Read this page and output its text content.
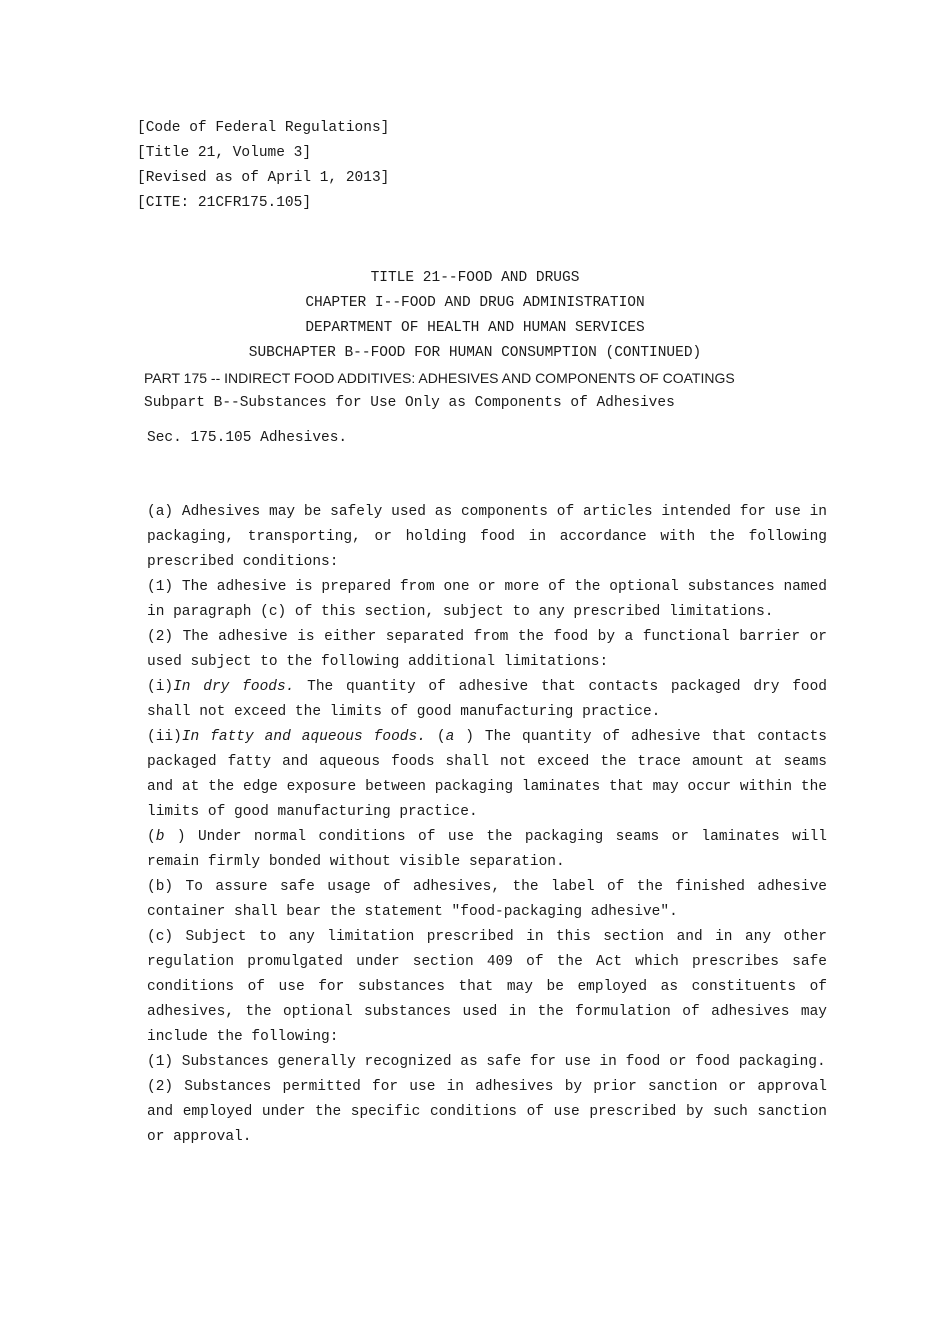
[Code of Federal Regulations]
[Title 21, Volume 3]
[Revised as of April 1, 2013]
[CITE: 21CFR175.105]
TITLE 21--FOOD AND DRUGS
CHAPTER I--FOOD AND DRUG ADMINISTRATION
DEPARTMENT OF HEALTH AND HUMAN SERVICES
SUBCHAPTER B--FOOD FOR HUMAN CONSUMPTION (CONTINUED)
PART 175 -- INDIRECT FOOD ADDITIVES: ADHESIVES AND COMPONENTS OF COATINGS
Subpart B--Substances for Use Only as Components of Adhesives
Sec. 175.105 Adhesives.

(a) Adhesives may be safely used as components of articles intended for use in packaging, transporting, or holding food in accordance with the following prescribed conditions:

(1) The adhesive is prepared from one or more of the optional substances named in paragraph (c) of this section, subject to any prescribed limitations.

(2) The adhesive is either separated from the food by a functional barrier or used subject to the following additional limitations:

(i)In dry foods. The quantity of adhesive that contacts packaged dry food shall not exceed the limits of good manufacturing practice.

(ii)In fatty and aqueous foods. (a ) The quantity of adhesive that contacts packaged fatty and aqueous foods shall not exceed the trace amount at seams and at the edge exposure between packaging laminates that may occur within the limits of good manufacturing practice.

(b ) Under normal conditions of use the packaging seams or laminates will remain firmly bonded without visible separation.

(b) To assure safe usage of adhesives, the label of the finished adhesive container shall bear the statement "food-packaging adhesive".

(c) Subject to any limitation prescribed in this section and in any other regulation promulgated under section 409 of the Act which prescribes safe conditions of use for substances that may be employed as constituents of adhesives, the optional substances used in the formulation of adhesives may include the following:

(1) Substances generally recognized as safe for use in food or food packaging.

(2) Substances permitted for use in adhesives by prior sanction or approval and employed under the specific conditions of use prescribed by such sanction or approval.
